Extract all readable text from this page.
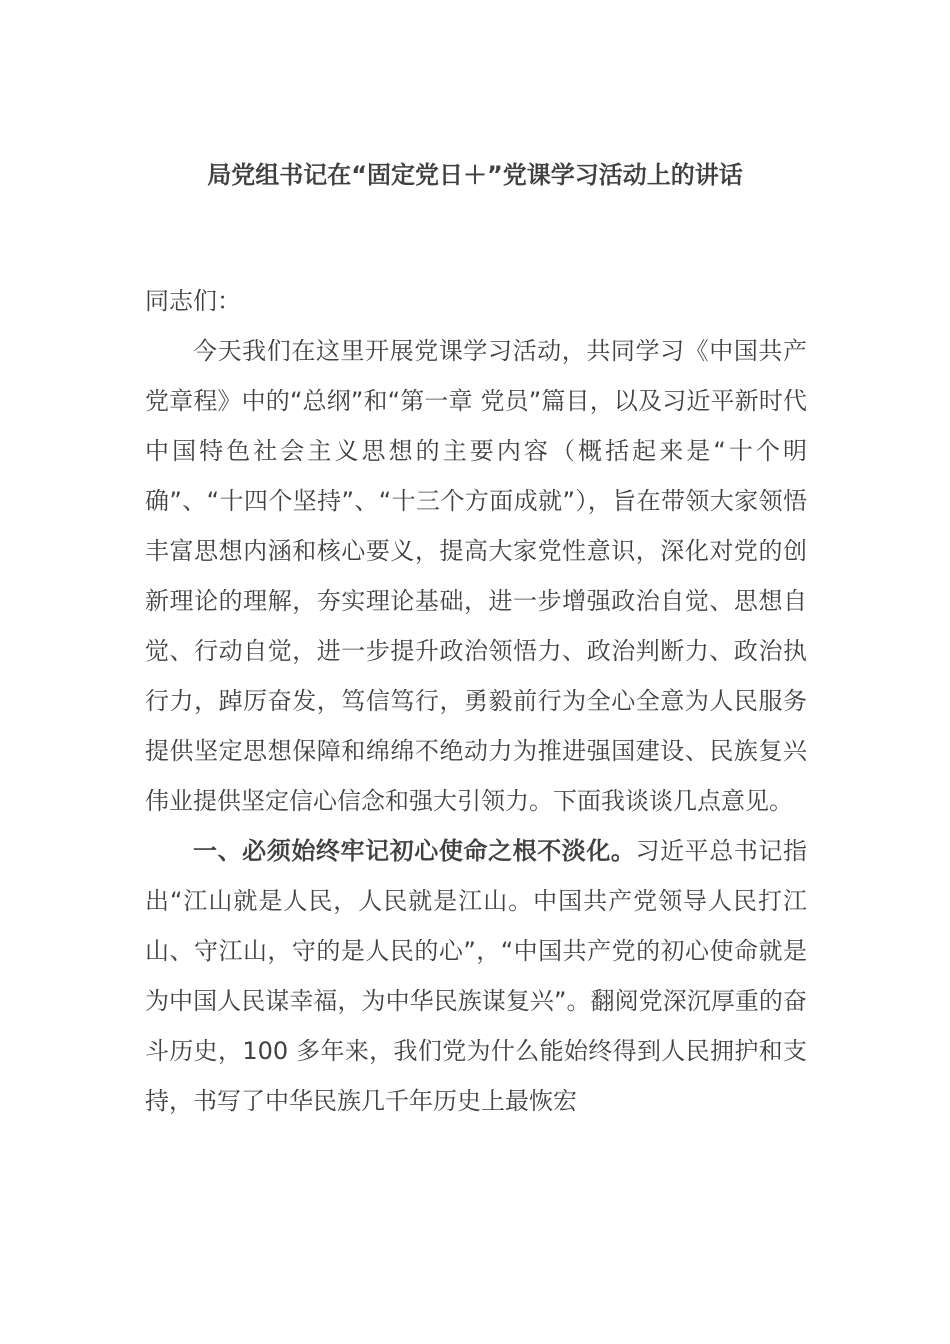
局党组书记在“固定党日＋”党课学习活动上的讲话

同志们：

今天我们在这里开展党课学习活动，共同学习《中国共产党章程》中的“总纲”和“第一章 党员”篇目，以及习近平新时代中国特色社会主义思想的主要内容（概括起来是“十个明确”、“十四个坚持”、“十三个方面成就”），旨在带领大家领悟丰富思想内涵和核心要义，提高大家党性意识，深化对党的创新理论的理解，夯实理论基础，进一步增强政治自觉、思想自觉、行动自觉，进一步提升政治领悟力、政治判断力、政治执行力，踔厉奋发，笃信笃行，勇毅前行为全心全意为人民服务提供坚定思想保障和绵绵不绝动力为推进强国建设、民族复兴伟业提供坚定信心信念和强大引领力。下面我谈谈几点意见。

一、必须始终牢记初心使命之根不淡化。习近平总书记指出“江山就是人民，人民就是江山。中国共产党领导人民打江山、守江山，守的是人民的心”，“中国共产党的初心使命就是为中国人民谋幸福，为中华民族谋复兴”。翻阅党深沉厚重的奋斗历史，100 多年来，我们党为什么能始终得到人民拥护和支持，书写了中华民族几千年历史上最恢宏
